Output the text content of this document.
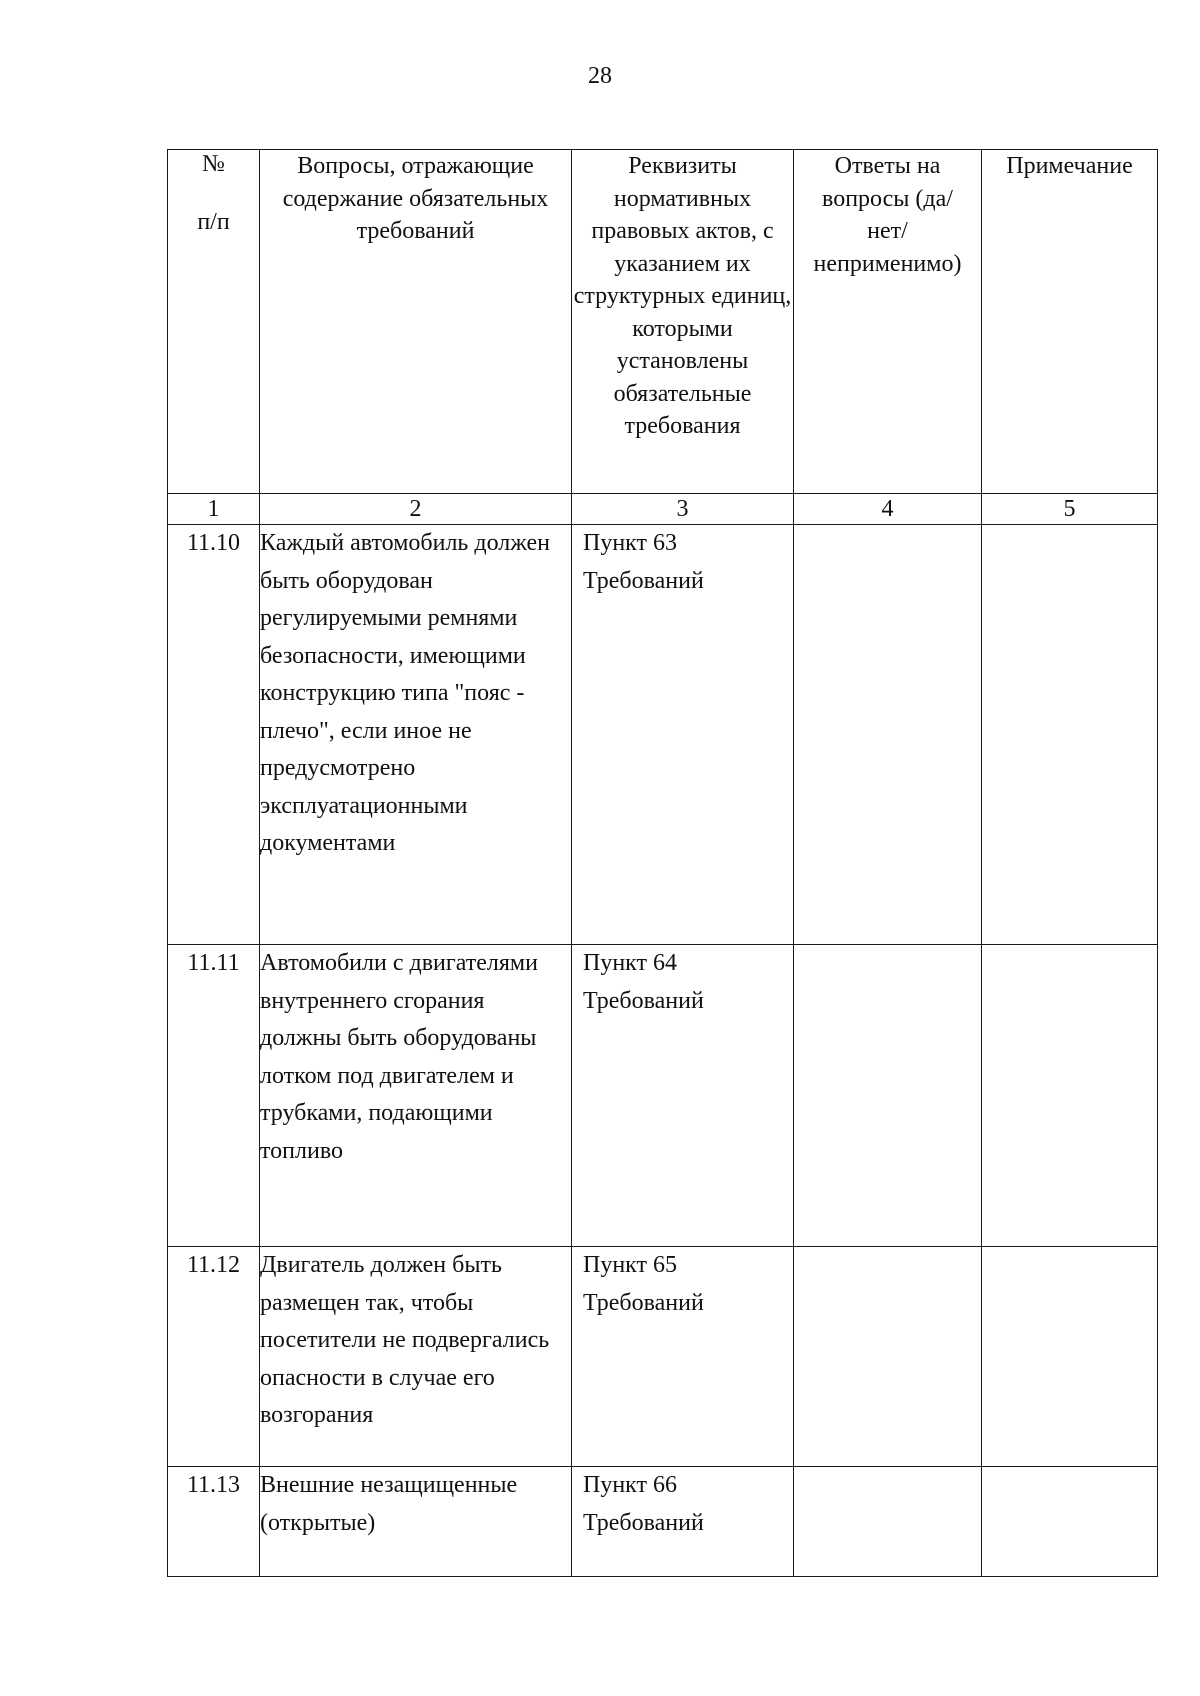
28
№
п/п	Вопросы, отражающие содержание обязательных требований	Реквизиты нормативных правовых актов, с указанием их структурных единиц, которыми установлены обязательные требования	Ответы на вопросы (да/нет/ неприменимо)	Примечание
1	2	3	4	5
11.10	Каждый автомобиль должен быть оборудован регулируемыми ремнями безопасности, имеющими конструкцию типа "пояс - плечо", если иное не предусмотрено эксплуатационными документами	Пункт 63
Требований		

11.11	Автомобили с двигателями внутреннего сгорания должны быть оборудованы лотком под двигателем и трубками, подающими топливо	Пункт 64
Требований		

11.12	Двигатель должен быть размещен так, чтобы посетители не подвергались опасности в случае его возгорания	Пункт 65
Требований		

11.13	Внешние незащищенные (открытые)	Пункт 66
Требований		
